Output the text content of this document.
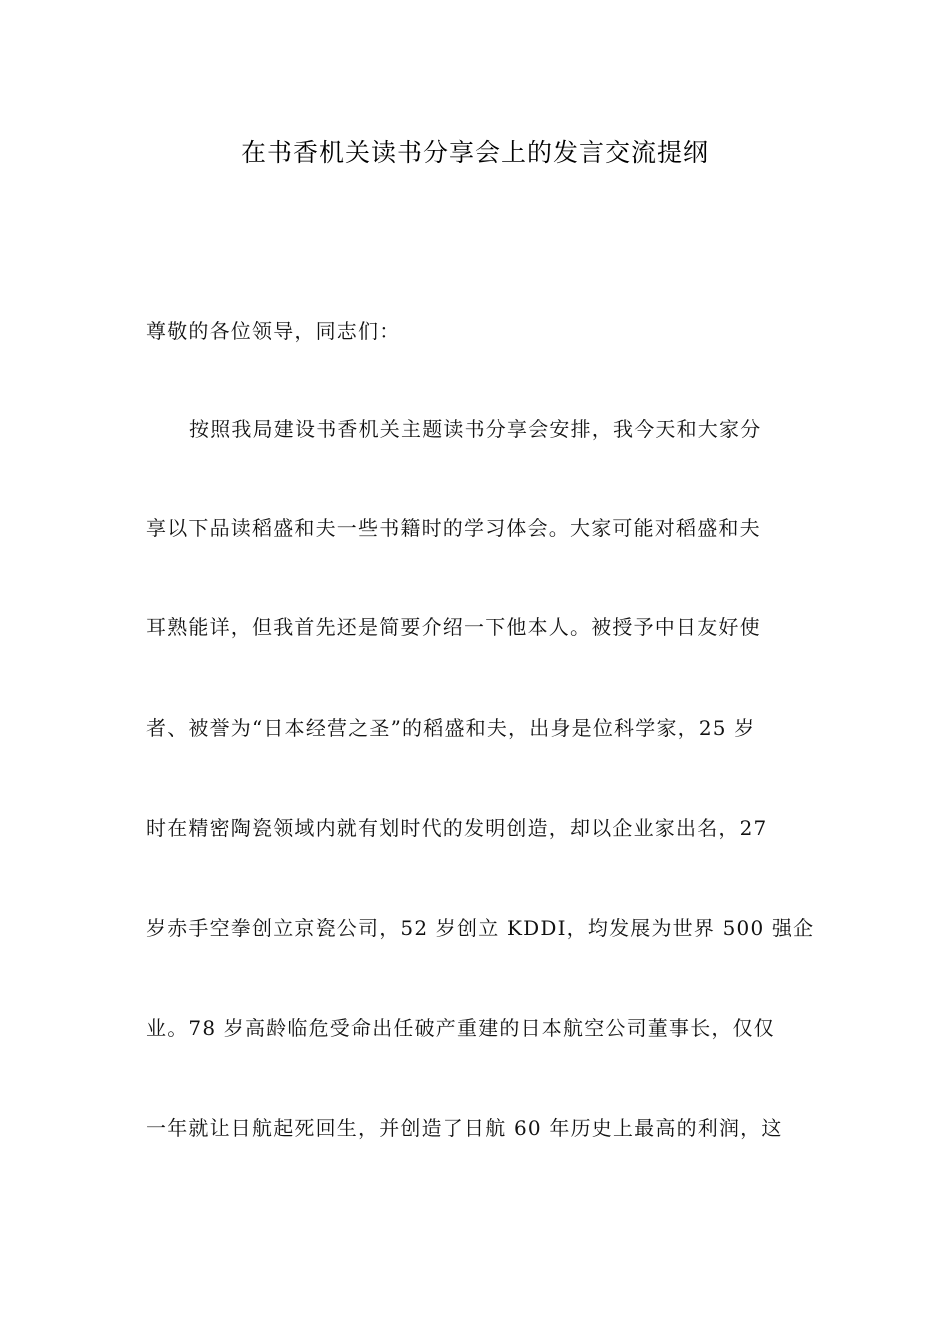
在书香机关读书分享会上的发言交流提纲
尊敬的各位领导，同志们：
按照我局建设书香机关主题读书分享会安排，我今天和大家分
享以下品读稻盛和夫一些书籍时的学习体会。大家可能对稻盛和夫
耳熟能详，但我首先还是简要介绍一下他本人。被授予中日友好使
者、被誉为“日本经营之圣”的稻盛和夫，出身是位科学家，25 岁
时在精密陶瓷领域内就有划时代的发明创造，却以企业家出名，27
岁赤手空拳创立京瓷公司，52 岁创立 KDDI，均发展为世界 500 强企
业。78 岁高龄临危受命出任破产重建的日本航空公司董事长，仅仅
一年就让日航起死回生，并创造了日航 60 年历史上最高的利润，这
